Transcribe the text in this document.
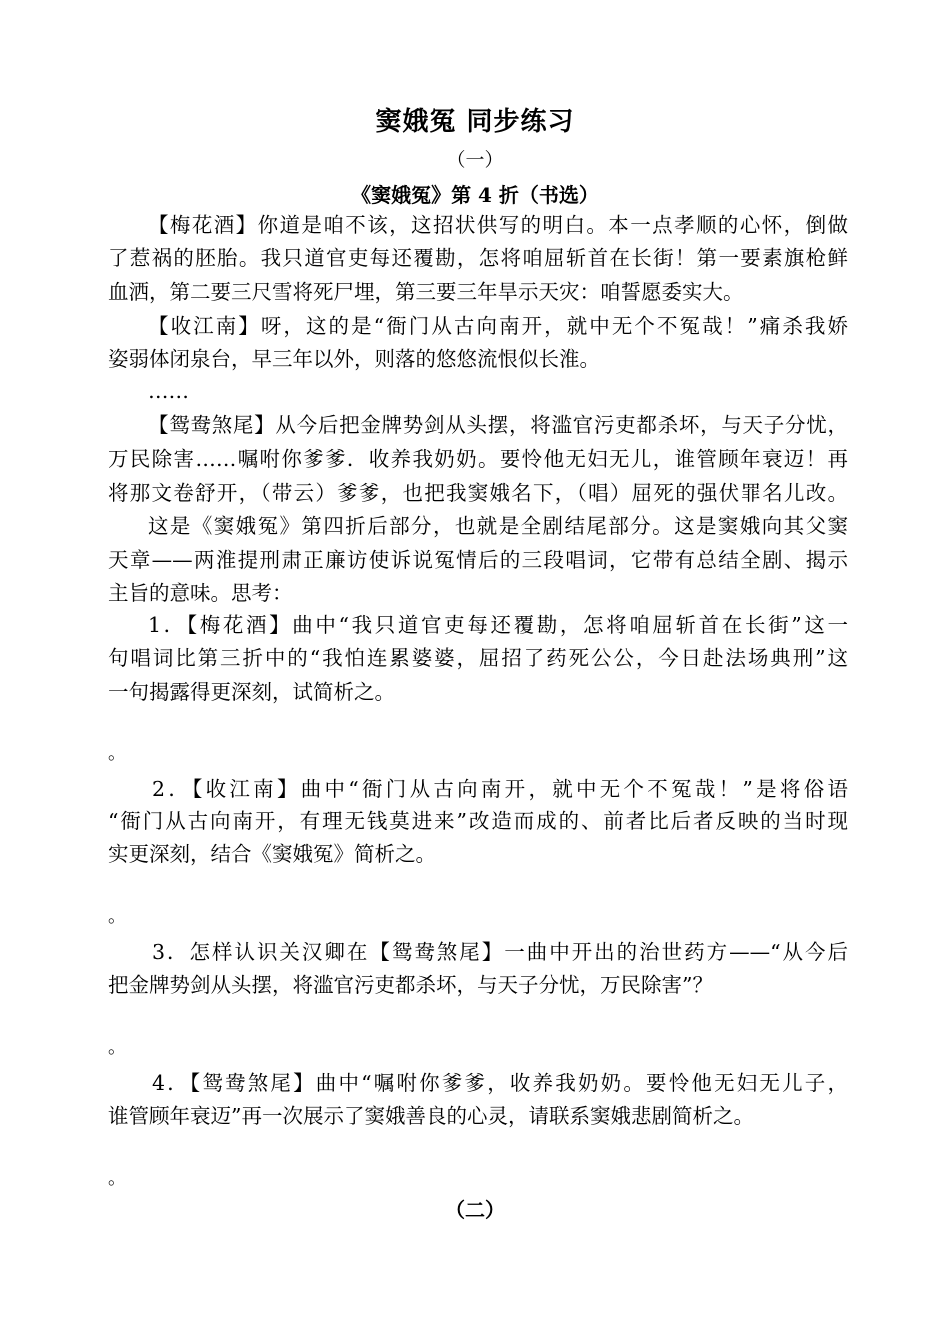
窦娥冤 同步练习
（一）
《窦娥冤》第 4 折（书选）

【梅花酒】你道是咱不该，这招状供写的明白。本一点孝顺的心怀，倒做

了惹祸的胚胎。我只道官吏每还覆勘，怎将咱屈斩首在长街！第一要素旗枪鲜

血洒，第二要三尺雪将死尸埋，第三要三年旱示天灾：咱誓愿委实大。

【收江南】呀，这的是“衙门从古向南开，就中无个不冤哉！”痛杀我娇

姿弱体闭泉台，早三年以外，则落的悠悠流恨似长淮。

……

【鸳鸯煞尾】从今后把金牌势剑从头摆，将滥官污吏都杀坏，与天子分忧，

万民除害……嘱咐你爹爹．收养我奶奶。要怜他无妇无儿，谁管顾年衰迈！再

将那文卷舒开，（带云）爹爹，也把我窦娥名下，（唱）屈死的强伏罪名儿改。

这是《窦娥冤》第四折后部分，也就是全剧结尾部分。这是窦娥向其父窦

天章——两淮提刑肃正廉访使诉说冤情后的三段唱词，它带有总结全剧、揭示

主旨的意味。思考：

1．【梅花酒】曲中“我只道官吏每还覆勘，怎将咱屈斩首在长街”这一

句唱词比第三折中的“我怕连累婆婆，屈招了药死公公，今日赴法场典刑”这

一句揭露得更深刻，试简析之。

。

2．【收江南】曲中“衙门从古向南开，就中无个不冤哉！”是将俗语

“衙门从古向南开，有理无钱莫进来”改造而成的、前者比后者反映的当时现

实更深刻，结合《窦娥冤》简析之。

。

3．怎样认识关汉卿在【鸳鸯煞尾】一曲中开出的治世药方——“从今后

把金牌势剑从头摆，将滥官污吏都杀坏，与天子分忧，万民除害”？

。

4．【鸳鸯煞尾】曲中“嘱咐你爹爹，收养我奶奶。要怜他无妇无儿子，

谁管顾年衰迈”再一次展示了窦娥善良的心灵，请联系窦娥悲剧简析之。

。
（二）
